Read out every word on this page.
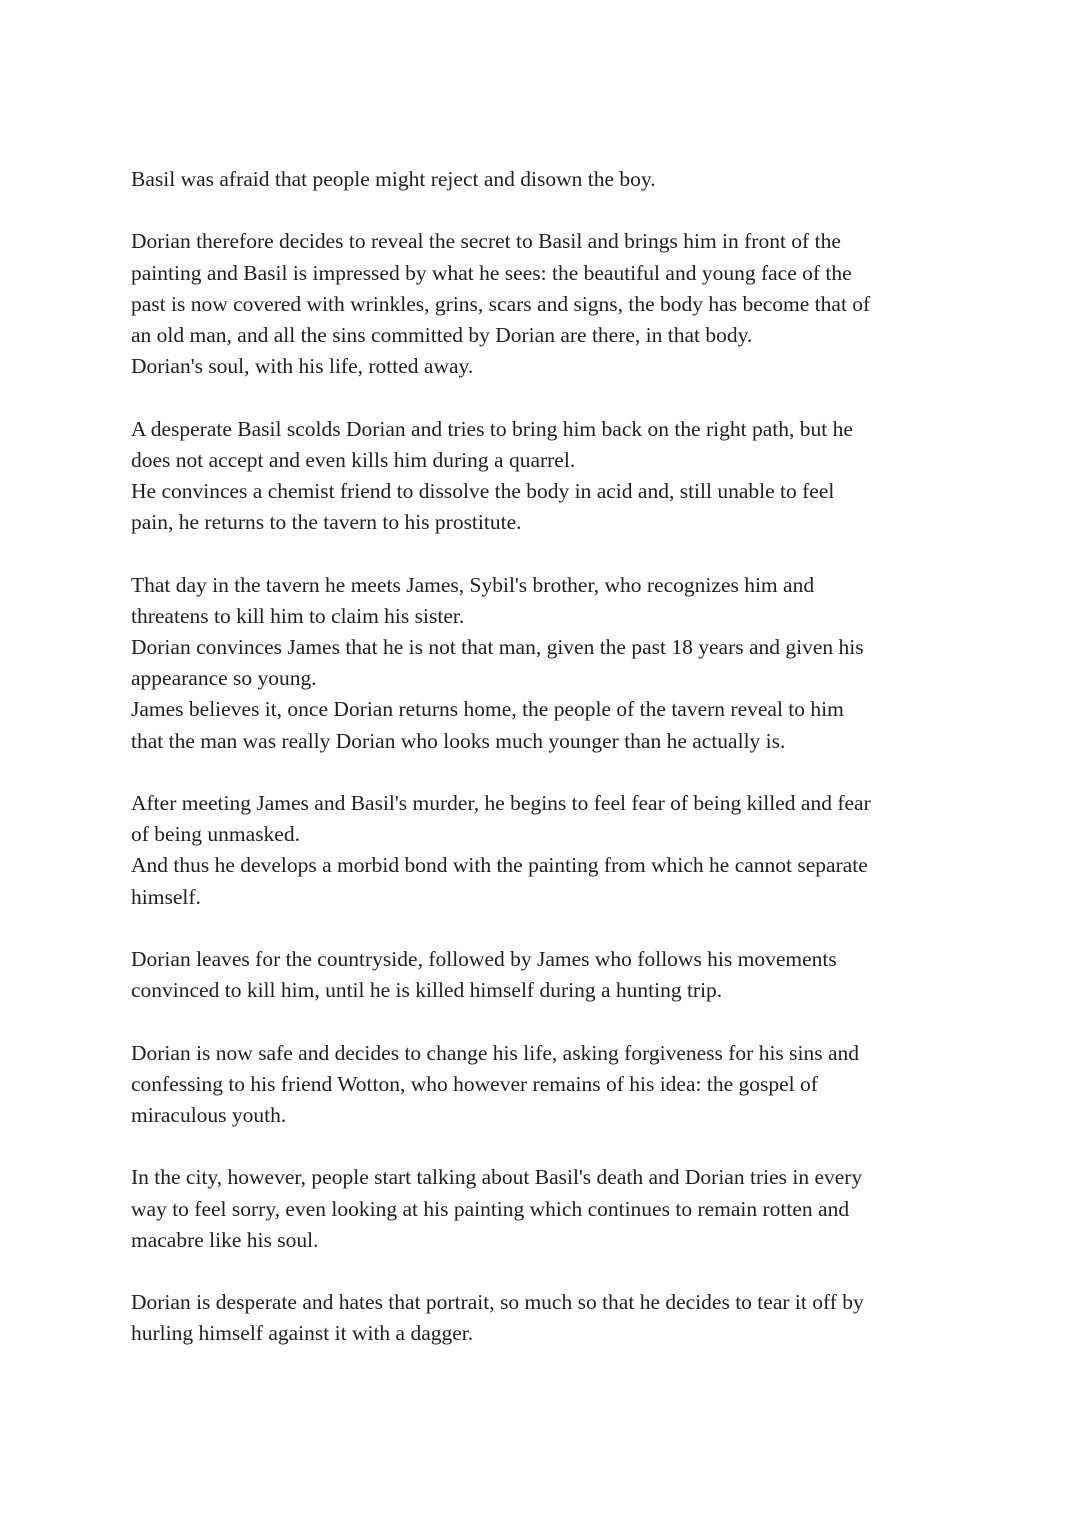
Basil was afraid that people might reject and disown the boy.

Dorian therefore decides to reveal the secret to Basil and brings him in front of the
painting and Basil is impressed by what he sees: the beautiful and young face of the
past is now covered with wrinkles, grins, scars and signs, the body has become that of
an old man, and all the sins committed by Dorian are there, in that body.
Dorian's soul, with his life, rotted away.

A desperate Basil scolds Dorian and tries to bring him back on the right path, but he
does not accept and even kills him during a quarrel.
He convinces a chemist friend to dissolve the body in acid and, still unable to feel
pain, he returns to the tavern to his prostitute.

That day in the tavern he meets James, Sybil's brother, who recognizes him and
threatens to kill him to claim his sister.
Dorian convinces James that he is not that man, given the past 18 years and given his
appearance so young.
James believes it, once Dorian returns home, the people of the tavern reveal to him
that the man was really Dorian who looks much younger than he actually is.

After meeting James and Basil's murder, he begins to feel fear of being killed and fear
of being unmasked.
And thus he develops a morbid bond with the painting from which he cannot separate
himself.

Dorian leaves for the countryside, followed by James who follows his movements
convinced to kill him, until he is killed himself during a hunting trip.

Dorian is now safe and decides to change his life, asking forgiveness for his sins and
confessing to his friend Wotton, who however remains of his idea: the gospel of
miraculous youth.

In the city, however, people start talking about Basil's death and Dorian tries in every
way to feel sorry, even looking at his painting which continues to remain rotten and
macabre like his soul.

Dorian is desperate and hates that portrait, so much so that he decides to tear it off by
hurling himself against it with a dagger.
